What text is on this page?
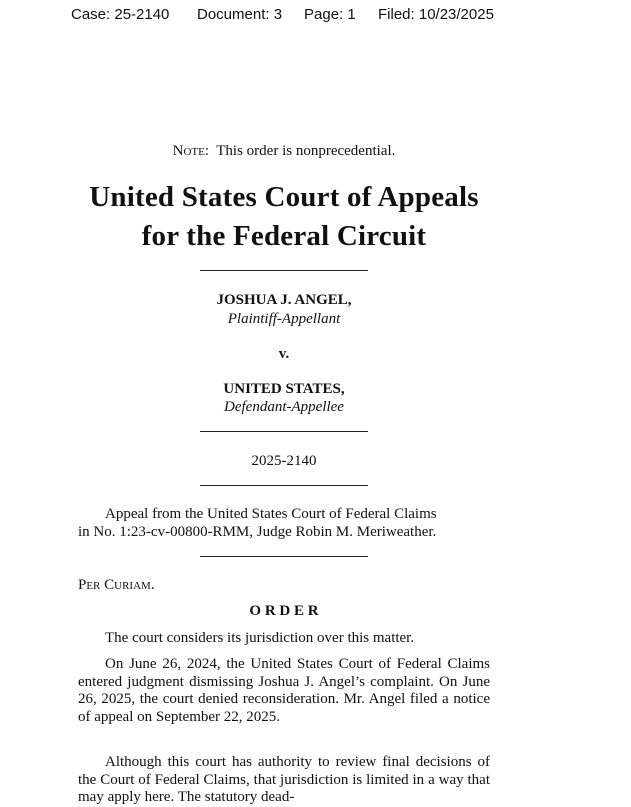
Case: 25-2140 Document: 3 Page: 1 Filed: 10/23/2025
Note: This order is nonprecedential.
United States Court of Appeals
for the Federal Circuit
JOSHUA J. ANGEL,
Plaintiff-Appellant
v.
UNITED STATES,
Defendant-Appellee
2025-2140
Appeal from the United States Court of Federal Claims
in No. 1:23-cv-00800-RMM, Judge Robin M. Meriweather.
Per Curiam.
O R D E R

The court considers its jurisdiction over this matter.

On June 26, 2024, the United States Court of Federal Claims entered judgment dismissing Joshua J. Angel’s complaint. On June 26, 2025, the court denied reconsideration. Mr. Angel filed a notice of appeal on September 22, 2025.

Although this court has authority to review final decisions of the Court of Federal Claims, that jurisdiction is limited in a way that may apply here. The statutory dead-
